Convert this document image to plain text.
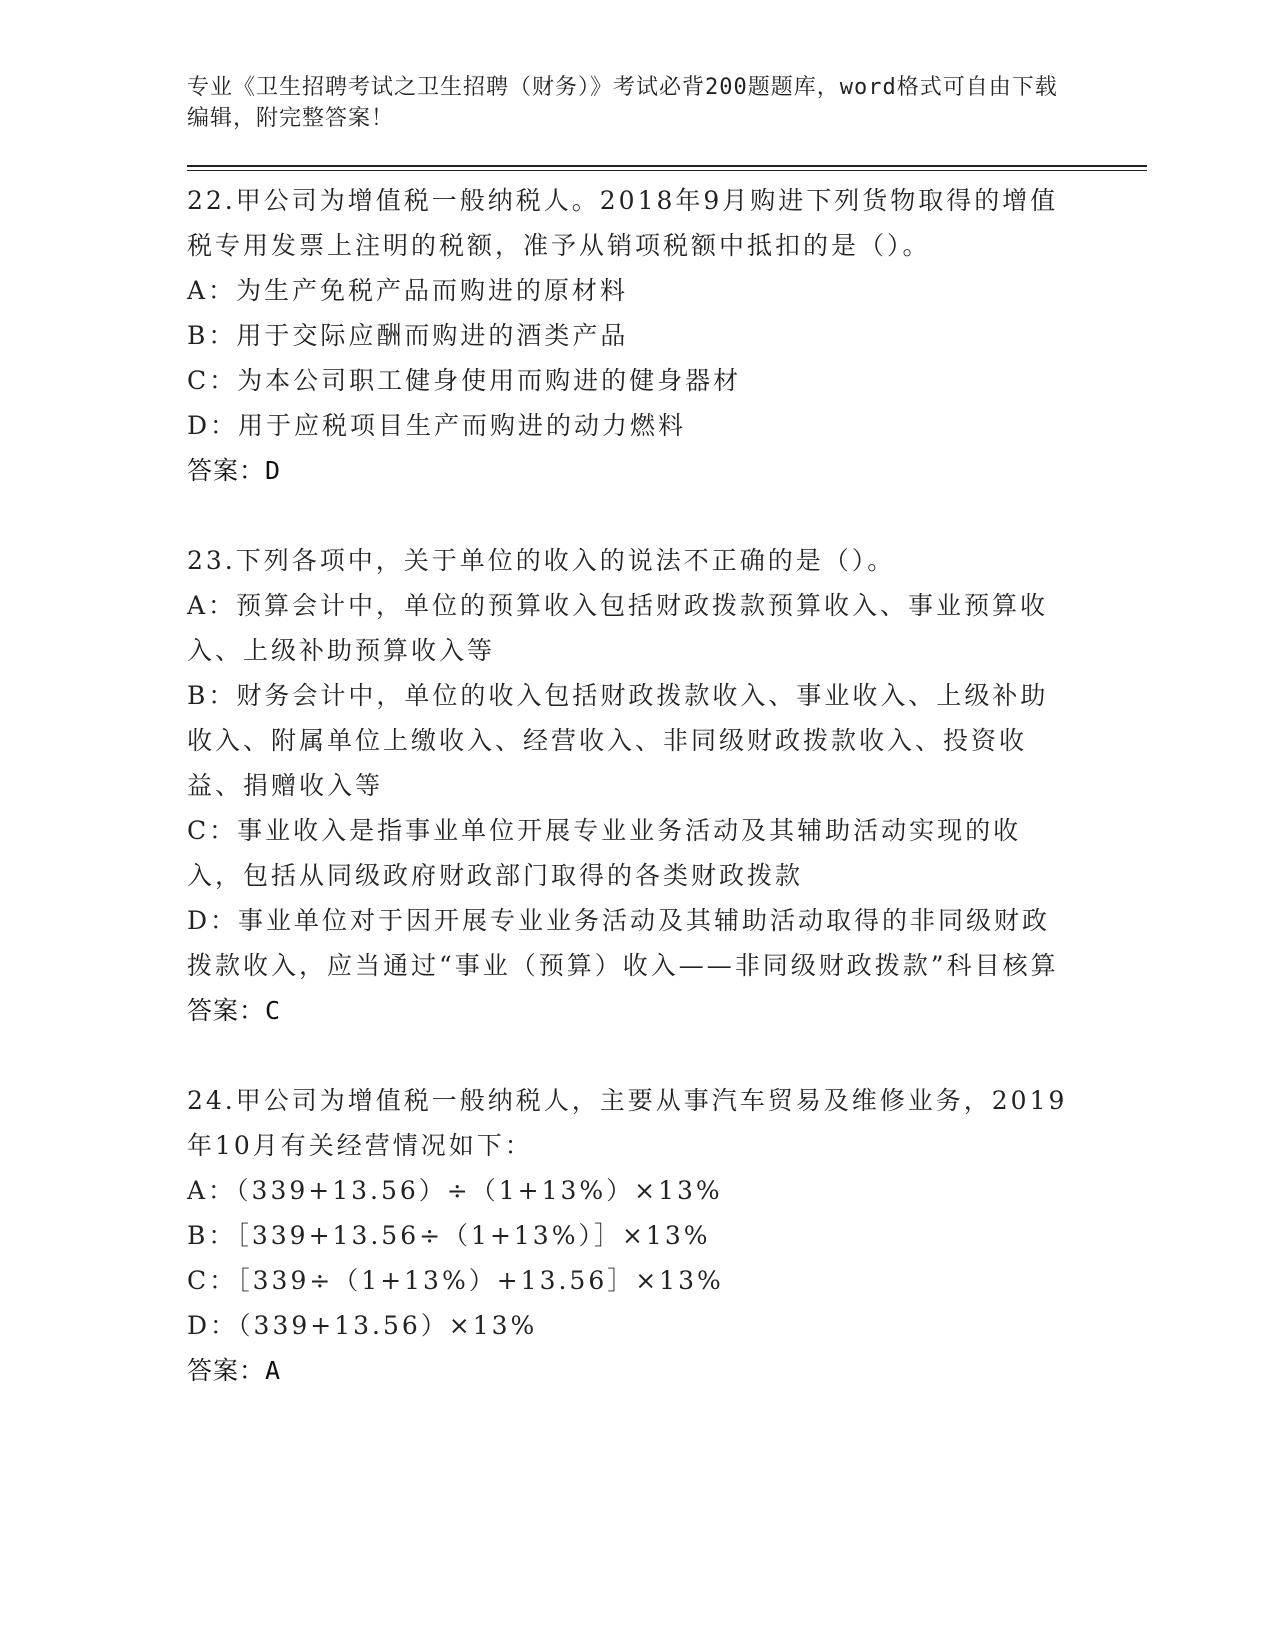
专业《卫生招聘考试之卫生招聘（财务）》考试必背200题题库，word格式可自由下载编辑，附完整答案！

22.甲公司为增值税一般纳税人。2018年9月购进下列货物取得的增值税专用发票上注明的税额，准予从销项税额中抵扣的是（）。

A：为生产免税产品而购进的原材料

B：用于交际应酬而购进的酒类产品

C：为本公司职工健身使用而购进的健身器材

D：用于应税项目生产而购进的动力燃料

答案：D

23.下列各项中，关于单位的收入的说法不正确的是（）。

A：预算会计中，单位的预算收入包括财政拨款预算收入、事业预算收入、上级补助预算收入等

B：财务会计中，单位的收入包括财政拨款收入、事业收入、上级补助收入、附属单位上缴收入、经营收入、非同级财政拨款收入、投资收益、捐赠收入等

C：事业收入是指事业单位开展专业业务活动及其辅助活动实现的收入，包括从同级政府财政部门取得的各类财政拨款

D：事业单位对于因开展专业业务活动及其辅助活动取得的非同级财政拨款收入，应当通过“事业（预算）收入——非同级财政拨款”科目核算

答案：C

24.甲公司为增值税一般纳税人，主要从事汽车贸易及维修业务，2019年10月有关经营情况如下：

A：（339+13.56）÷（1+13%）×13%

B：［339+13.56÷（1+13%）］×13%

C：［339÷（1+13%）+13.56］×13%

D：（339+13.56）×13%

答案：A
